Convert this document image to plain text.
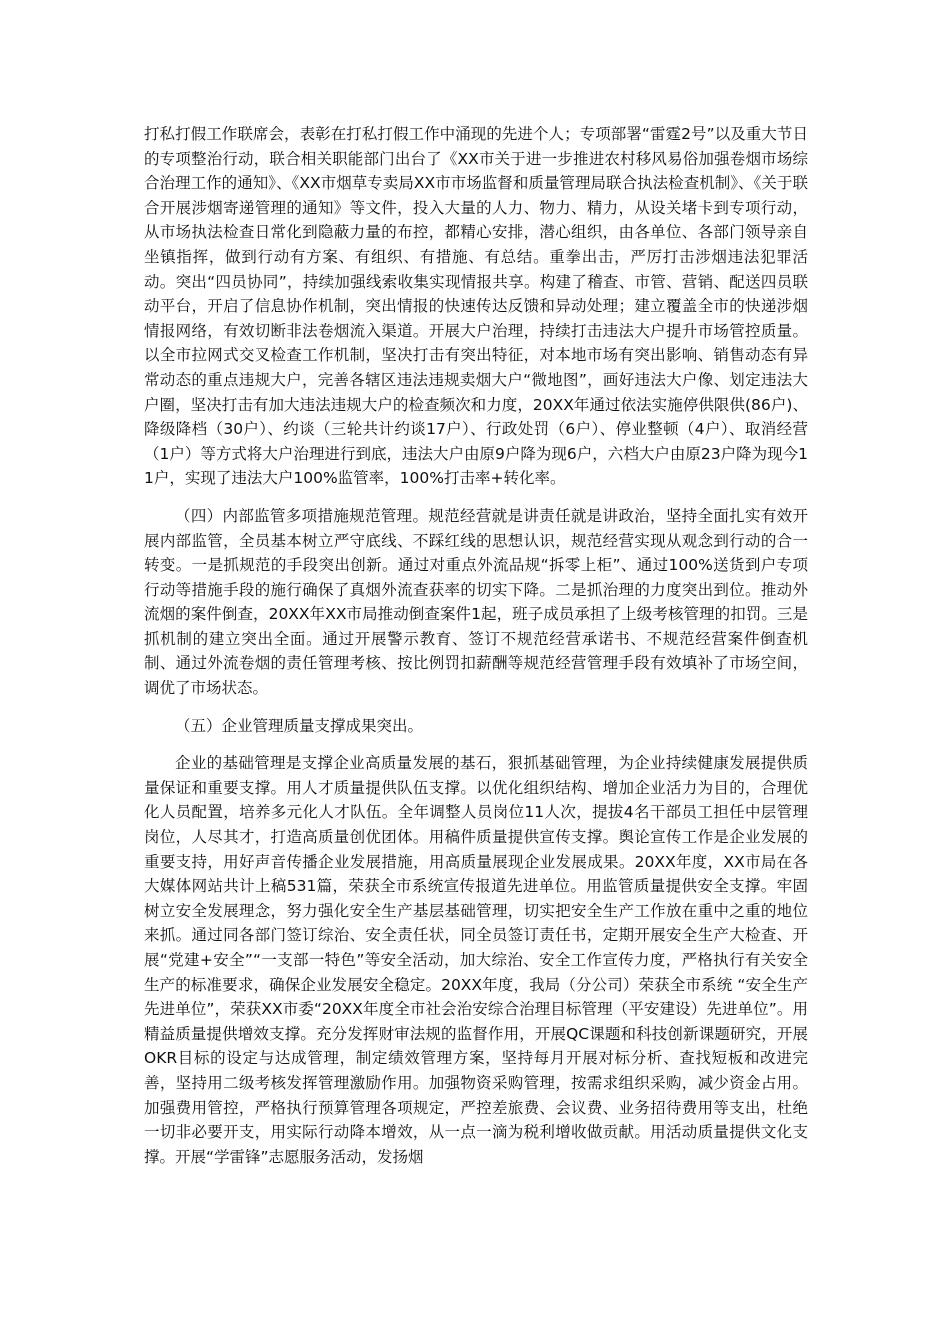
打私打假工作联席会，表彰在打私打假工作中涌现的先进个人；专项部署“雷霆2号”以及重大节日的专项整治行动，联合相关职能部门出台了《XX市关于进一步推进农村移风易俗加强卷烟市场综合治理工作的通知》、《XX市烟草专卖局XX市市场监督和质量管理局联合执法检查机制》、《关于联合开展涉烟寄递管理的通知》等文件，投入大量的人力、物力、精力，从设关堵卡到专项行动，从市场执法检查日常化到隐蔽力量的布控，都精心安排，潜心组织，由各单位、各部门领导亲自坐镇指挥，做到行动有方案、有组织、有措施、有总结。重拳出击，严厉打击涉烟违法犯罪活动。突出“四员协同”，持续加强线索收集实现情报共享。构建了稽查、市管、营销、配送四员联动平台，开启了信息协作机制，突出情报的快速传达反馈和异动处理；建立覆盖全市的快递涉烟情报网络，有效切断非法卷烟流入渠道。开展大户治理，持续打击违法大户提升市场管控质量。以全市拉网式交叉检查工作机制，坚决打击有突出特征，对本地市场有突出影响、销售动态有异常动态的重点违规大户，完善各辖区违法违规卖烟大户“微地图”，画好违法大户像、划定违法大户圈，坚决打击有加大违法违规大户的检查频次和力度，20XX年通过依法实施停供限供(86户)、降级降档（30户）、约谈（三轮共计约谈17户）、行政处罚（6户）、停业整顿（4户）、取消经营（1户）等方式将大户治理进行到底，违法大户由原9户降为现6户，六档大户由原23户降为现今11户，实现了违法大户100%监管率，100%打击率+转化率。

（四）内部监管多项措施规范管理。规范经营就是讲责任就是讲政治，坚持全面扎实有效开展内部监管，全员基本树立严守底线、不踩红线的思想认识，规范经营实现从观念到行动的合一转变。一是抓规范的手段突出创新。通过对重点外流品规“拆零上柜”、通过100%送货到户专项行动等措施手段的施行确保了真烟外流查获率的切实下降。二是抓治理的力度突出到位。推动外流烟的案件倒查，20XX年XX市局推动倒查案件1起，班子成员承担了上级考核管理的扣罚。三是抓机制的建立突出全面。通过开展警示教育、签订不规范经营承诺书、不规范经营案件倒查机制、通过外流卷烟的责任管理考核、按比例罚扣薪酬等规范经营管理手段有效填补了市场空间，调优了市场状态。

（五）企业管理质量支撑成果突出。

企业的基础管理是支撑企业高质量发展的基石，狠抓基础管理，为企业持续健康发展提供质量保证和重要支撑。用人才质量提供队伍支撑。以优化组织结构、增加企业活力为目的，合理优化人员配置，培养多元化人才队伍。全年调整人员岗位11人次，提拔4名干部员工担任中层管理岗位，人尽其才，打造高质量创优团体。用稿件质量提供宣传支撑。舆论宣传工作是企业发展的重要支持，用好声音传播企业发展措施，用高质量展现企业发展成果。20XX年度，XX市局在各大媒体网站共计上稿531篇，荣获全市系统宣传报道先进单位。用监管质量提供安全支撑。牢固树立安全发展理念，努力强化安全生产基层基础管理，切实把安全生产工作放在重中之重的地位来抓。通过同各部门签订综治、安全责任状，同全员签订责任书，定期开展安全生产大检查、开展“党建+安全”“一支部一特色”等安全活动，加大综治、安全工作宣传力度，严格执行有关安全生产的标准要求，确保企业发展安全稳定。20XX年度，我局（分公司）荣获全市系统 “安全生产先进单位”，荣获XX市委“20XX年度全市社会治安综合治理目标管理（平安建设）先进单位”。用精益质量提供增效支撑。充分发挥财审法规的监督作用，开展QC课题和科技创新课题研究，开展OKR目标的设定与达成管理，制定绩效管理方案，坚持每月开展对标分析、查找短板和改进完善，坚持用二级考核发挥管理激励作用。加强物资采购管理，按需求组织采购，减少资金占用。加强费用管控，严格执行预算管理各项规定，严控差旅费、会议费、业务招待费用等支出，杜绝一切非必要开支，用实际行动降本增效，从一点一滴为税利增收做贡献。用活动质量提供文化支撑。开展“学雷锋”志愿服务活动，发扬烟
